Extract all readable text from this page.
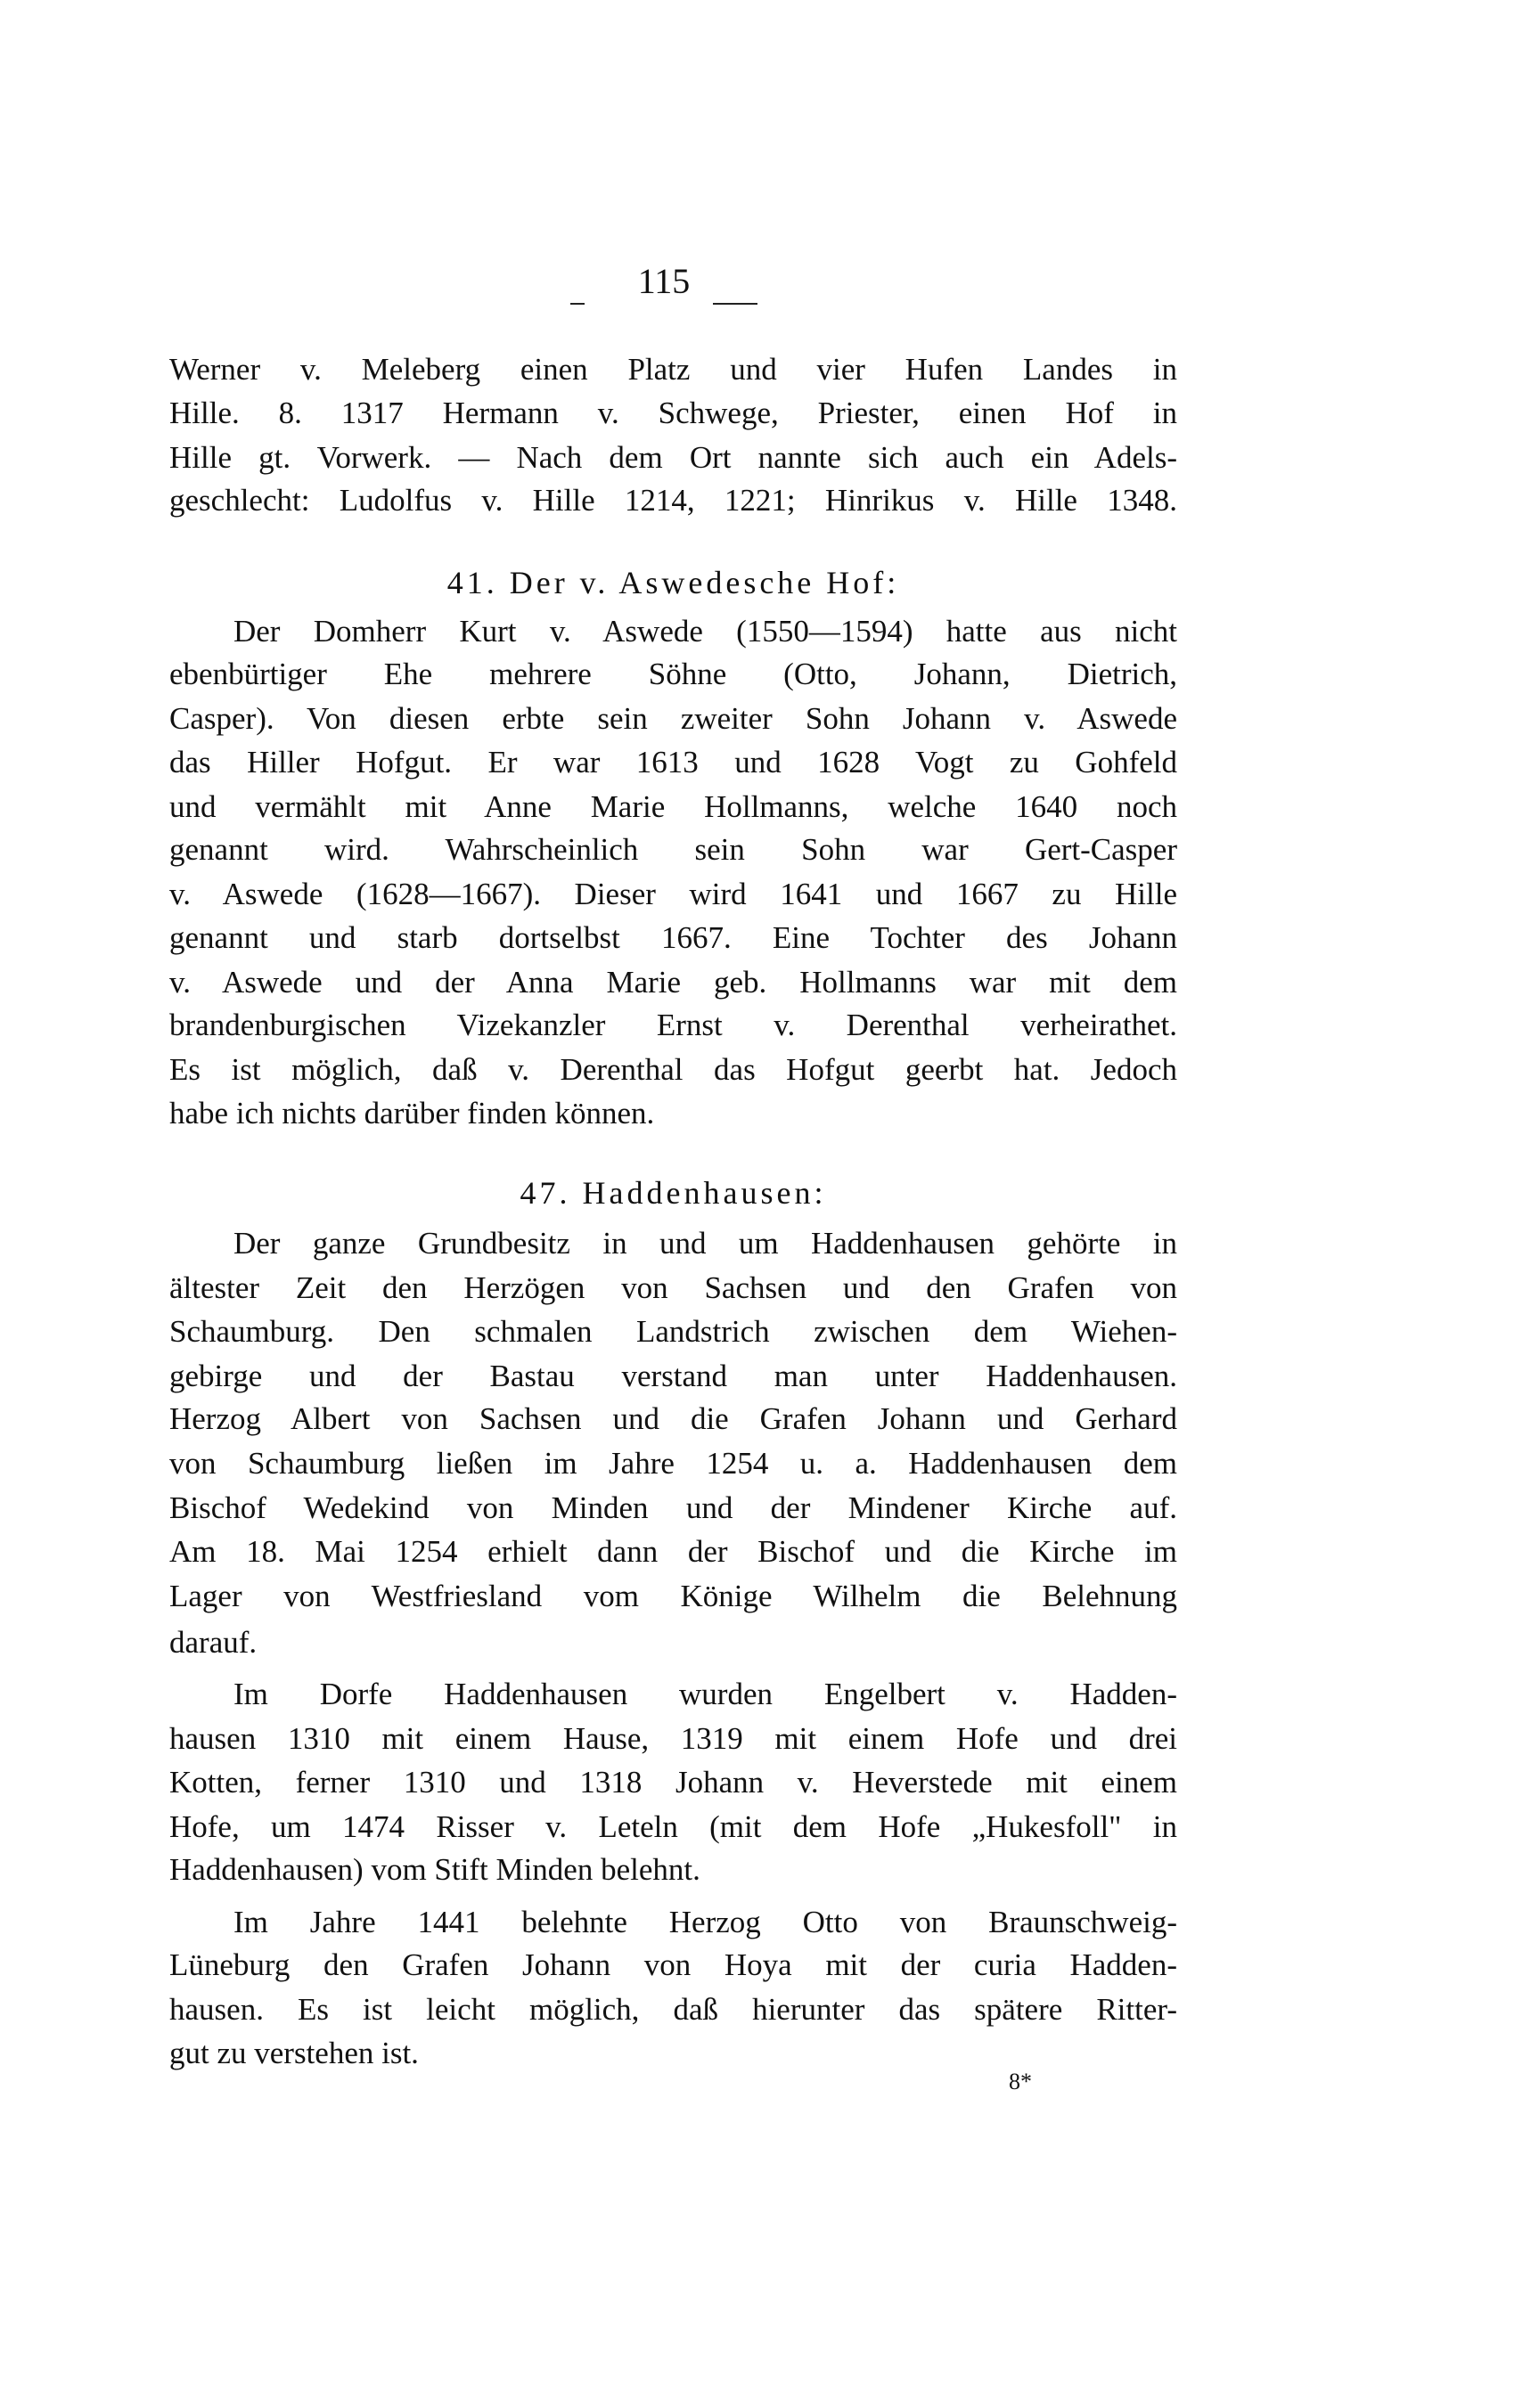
115
Werner v. Meleberg einen Platz und vier Hufen Landes in
Hille. 8. 1317 Hermann v. Schwege, Priester, einen Hof in
Hille gt. Vorwerk. — Nach dem Ort nannte sich auch ein Adels-
geschlecht: Ludolfus v. Hille 1214, 1221; Hinrikus v. Hille 1348.
41. Der v. Aswedesche Hof:
Der Domherr Kurt v. Aswede (1550—1594) hatte aus nicht
ebenbürtiger Ehe mehrere Söhne (Otto, Johann, Dietrich,
Casper). Von diesen erbte sein zweiter Sohn Johann v. Aswede
das Hiller Hofgut. Er war 1613 und 1628 Vogt zu Gohfeld
und vermählt mit Anne Marie Hollmanns, welche 1640 noch
genannt wird. Wahrscheinlich sein Sohn war Gert-Casper
v. Aswede (1628—1667). Dieser wird 1641 und 1667 zu Hille
genannt und starb dortselbst 1667. Eine Tochter des Johann
v. Aswede und der Anna Marie geb. Hollmanns war mit dem
brandenburgischen Vizekanzler Ernst v. Derenthal verheirathet.
Es ist möglich, daß v. Derenthal das Hofgut geerbt hat. Jedoch
habe ich nichts darüber finden können.
47. Haddenhausen:
Der ganze Grundbesitz in und um Haddenhausen gehörte in
ältester Zeit den Herzögen von Sachsen und den Grafen von
Schaumburg. Den schmalen Landstrich zwischen dem Wiehen-
gebirge und der Bastau verstand man unter Haddenhausen.
Herzog Albert von Sachsen und die Grafen Johann und Gerhard
von Schaumburg ließen im Jahre 1254 u. a. Haddenhausen dem
Bischof Wedekind von Minden und der Mindener Kirche auf.
Am 18. Mai 1254 erhielt dann der Bischof und die Kirche im
Lager von Westfriesland vom Könige Wilhelm die Belehnung
darauf.
Im Dorfe Haddenhausen wurden Engelbert v. Hadden-
hausen 1310 mit einem Hause, 1319 mit einem Hofe und drei
Kotten, ferner 1310 und 1318 Johann v. Heverstede mit einem
Hofe, um 1474 Risser v. Leteln (mit dem Hofe „Hukesfoll" in
Haddenhausen) vom Stift Minden belehnt.
Im Jahre 1441 belehnte Herzog Otto von Braunschweig-
Lüneburg den Grafen Johann von Hoya mit der curia Hadden-
hausen. Es ist leicht möglich, daß hierunter das spätere Ritter-
gut zu verstehen ist.
8*
